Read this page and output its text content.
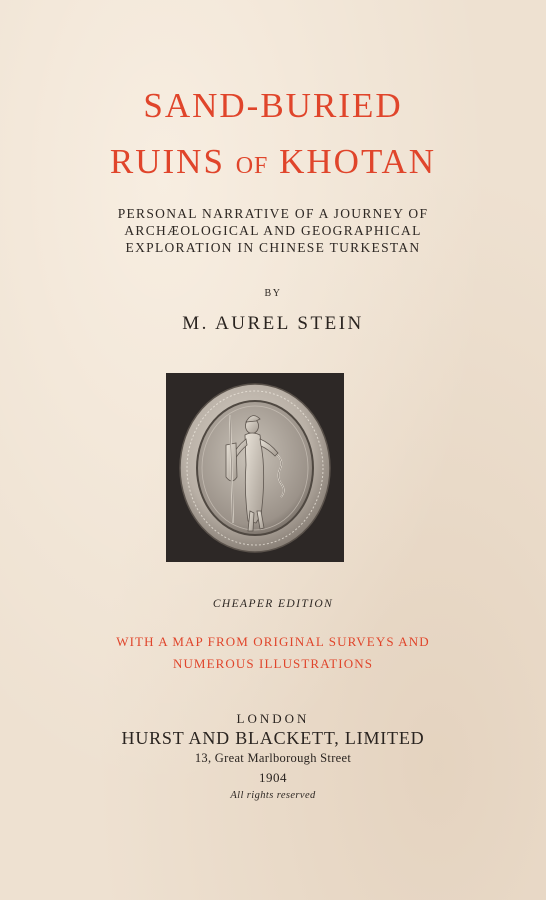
SAND-BURIED
RUINS OF KHOTAN

PERSONAL NARRATIVE OF A JOURNEY OF

ARCHÆOLOGICAL AND GEOGRAPHICAL

EXPLORATION IN CHINESE TURKESTAN

BY

M. AUREL STEIN

CHEAPER EDITION

WITH A MAP FROM ORIGINAL SURVEYS AND

NUMEROUS ILLUSTRATIONS

LONDON

HURST AND BLACKETT, LIMITED

13, Great Marlborough Street

1904

All rights reserved
